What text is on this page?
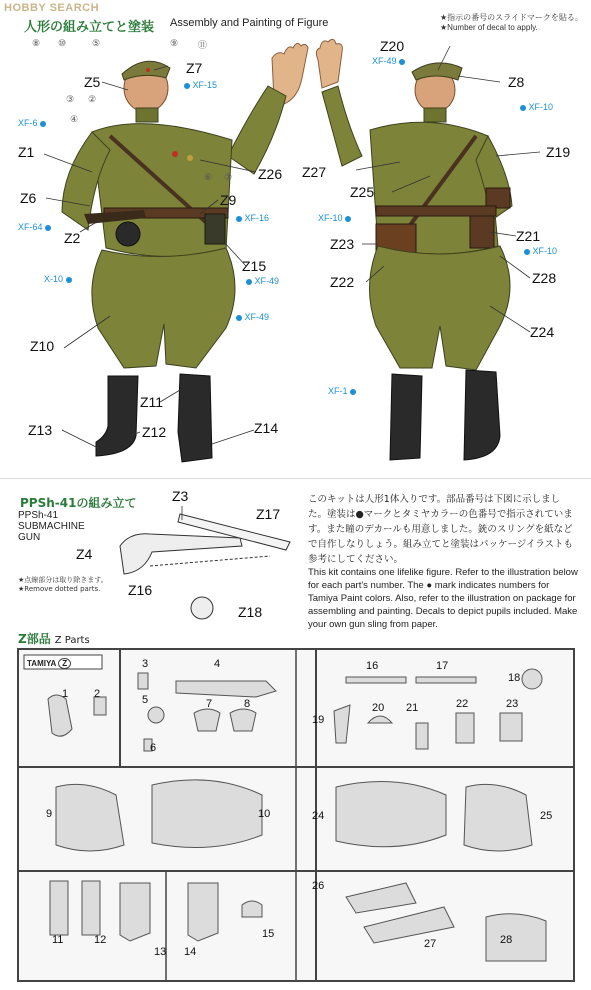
HOBBY SEARCH
人形の組み立てと塗装 Assembly and Painting of Figure	★指示の番号のスライドマークを貼る。
★Number of decal to apply.
Z5
Z7
Z1
Z26
Z6	Z9
Z2
Z15
Z10
Z11
Z13	Z12	Z14
Z20
Z8
Z19
Z27
Z25
Z21
Z23
Z22	Z28
Z24
⑧ ⑩	⑤	⑨ ⑪
③ ②
④
⑥ ⑦
XF-15
XF-6
XF-64
XF-16
X-10	XF-49
XF-49
XF-49
XF-10
XF-10
XF-10
XF-1
PPSh-41の組み立て
PPSh-41
SUBMACHINE
GUN
Z3
Z17
Z4
Z16
Z18
★点線部分は取り除きます。
★Remove dotted parts.
このキットは人形1体入りです。部品番号は下図に示しました。塗装は●マークとタミヤカラーの色番号で指示されています。また瞳のデカールも用意しました。銃のスリングを紙などで自作しなりしょう。組み立てと塗装はパッケージイラストも参考にしてください。
This kit contains one lifelike figure. Refer to the illustration below for each part's number. The ● mark indicates numbers for Tamiya Paint colors. Also, refer to the illustration on package for assembling and painting. Decals to depict pupils included. Make your own gun sling from paper.
Z部品 Z Parts
TAMIYA Z
1 2
3	4
5
6
7	8
9	10
11	12
13 14
15
16	17
18
19
20 21	22	23
24	25
26
27	28
